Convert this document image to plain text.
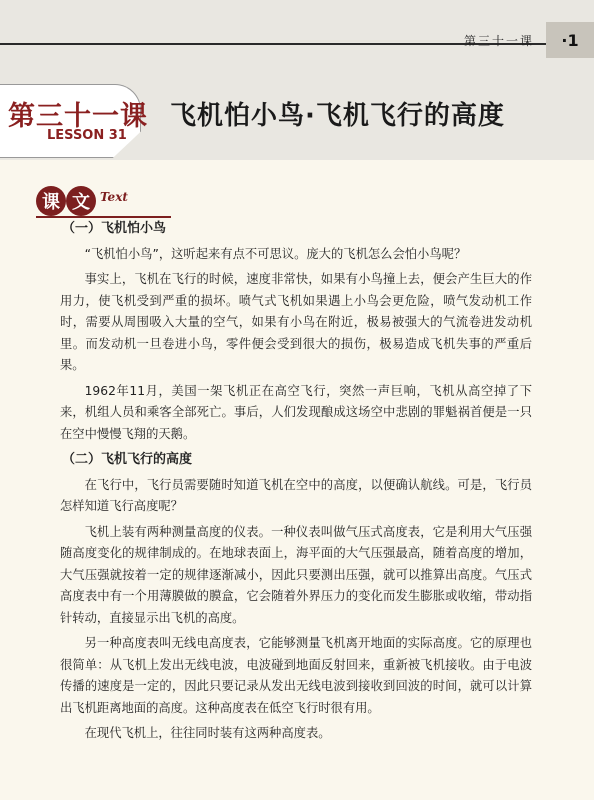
第三十一课	·1
第三十一课
LESSON 31
飞机怕小鸟·飞机飞行的高度
课 文 Text
（一）飞机怕小鸟

“飞机怕小鸟”，这听起来有点不可思议。庞大的飞机怎么会怕小鸟呢？

事实上，飞机在飞行的时候，速度非常快，如果有小鸟撞上去，便会产生巨大的作用力，使飞机受到严重的损坏。喷气式飞机如果遇上小鸟会更危险，喷气发动机工作时，需要从周围吸入大量的空气，如果有小鸟在附近，极易被强大的气流卷进发动机里。而发动机一旦卷进小鸟，零件便会受到很大的损伤，极易造成飞机失事的严重后果。

1962年11月，美国一架飞机正在高空飞行，突然一声巨响，飞机从高空掉了下来，机组人员和乘客全部死亡。事后，人们发现酿成这场空中悲剧的罪魁祸首便是一只在空中慢慢飞翔的天鹅。

（二）飞机飞行的高度

在飞行中，飞行员需要随时知道飞机在空中的高度，以便确认航线。可是，飞行员怎样知道飞行高度呢？

飞机上装有两种测量高度的仪表。一种仪表叫做气压式高度表，它是利用大气压强随高度变化的规律制成的。在地球表面上，海平面的大气压强最高，随着高度的增加，大气压强就按着一定的规律逐渐减小，因此只要测出压强，就可以推算出高度。气压式高度表中有一个用薄膜做的膜盒，它会随着外界压力的变化而发生膨胀或收缩，带动指针转动，直接显示出飞机的高度。

另一种高度表叫无线电高度表，它能够测量飞机离开地面的实际高度。它的原理也很简单：从飞机上发出无线电波，电波碰到地面反射回来，重新被飞机接收。由于电波传播的速度是一定的，因此只要记录从发出无线电波到接收到回波的时间，就可以计算出飞机距离地面的高度。这种高度表在低空飞行时很有用。

在现代飞机上，往往同时装有这两种高度表。
